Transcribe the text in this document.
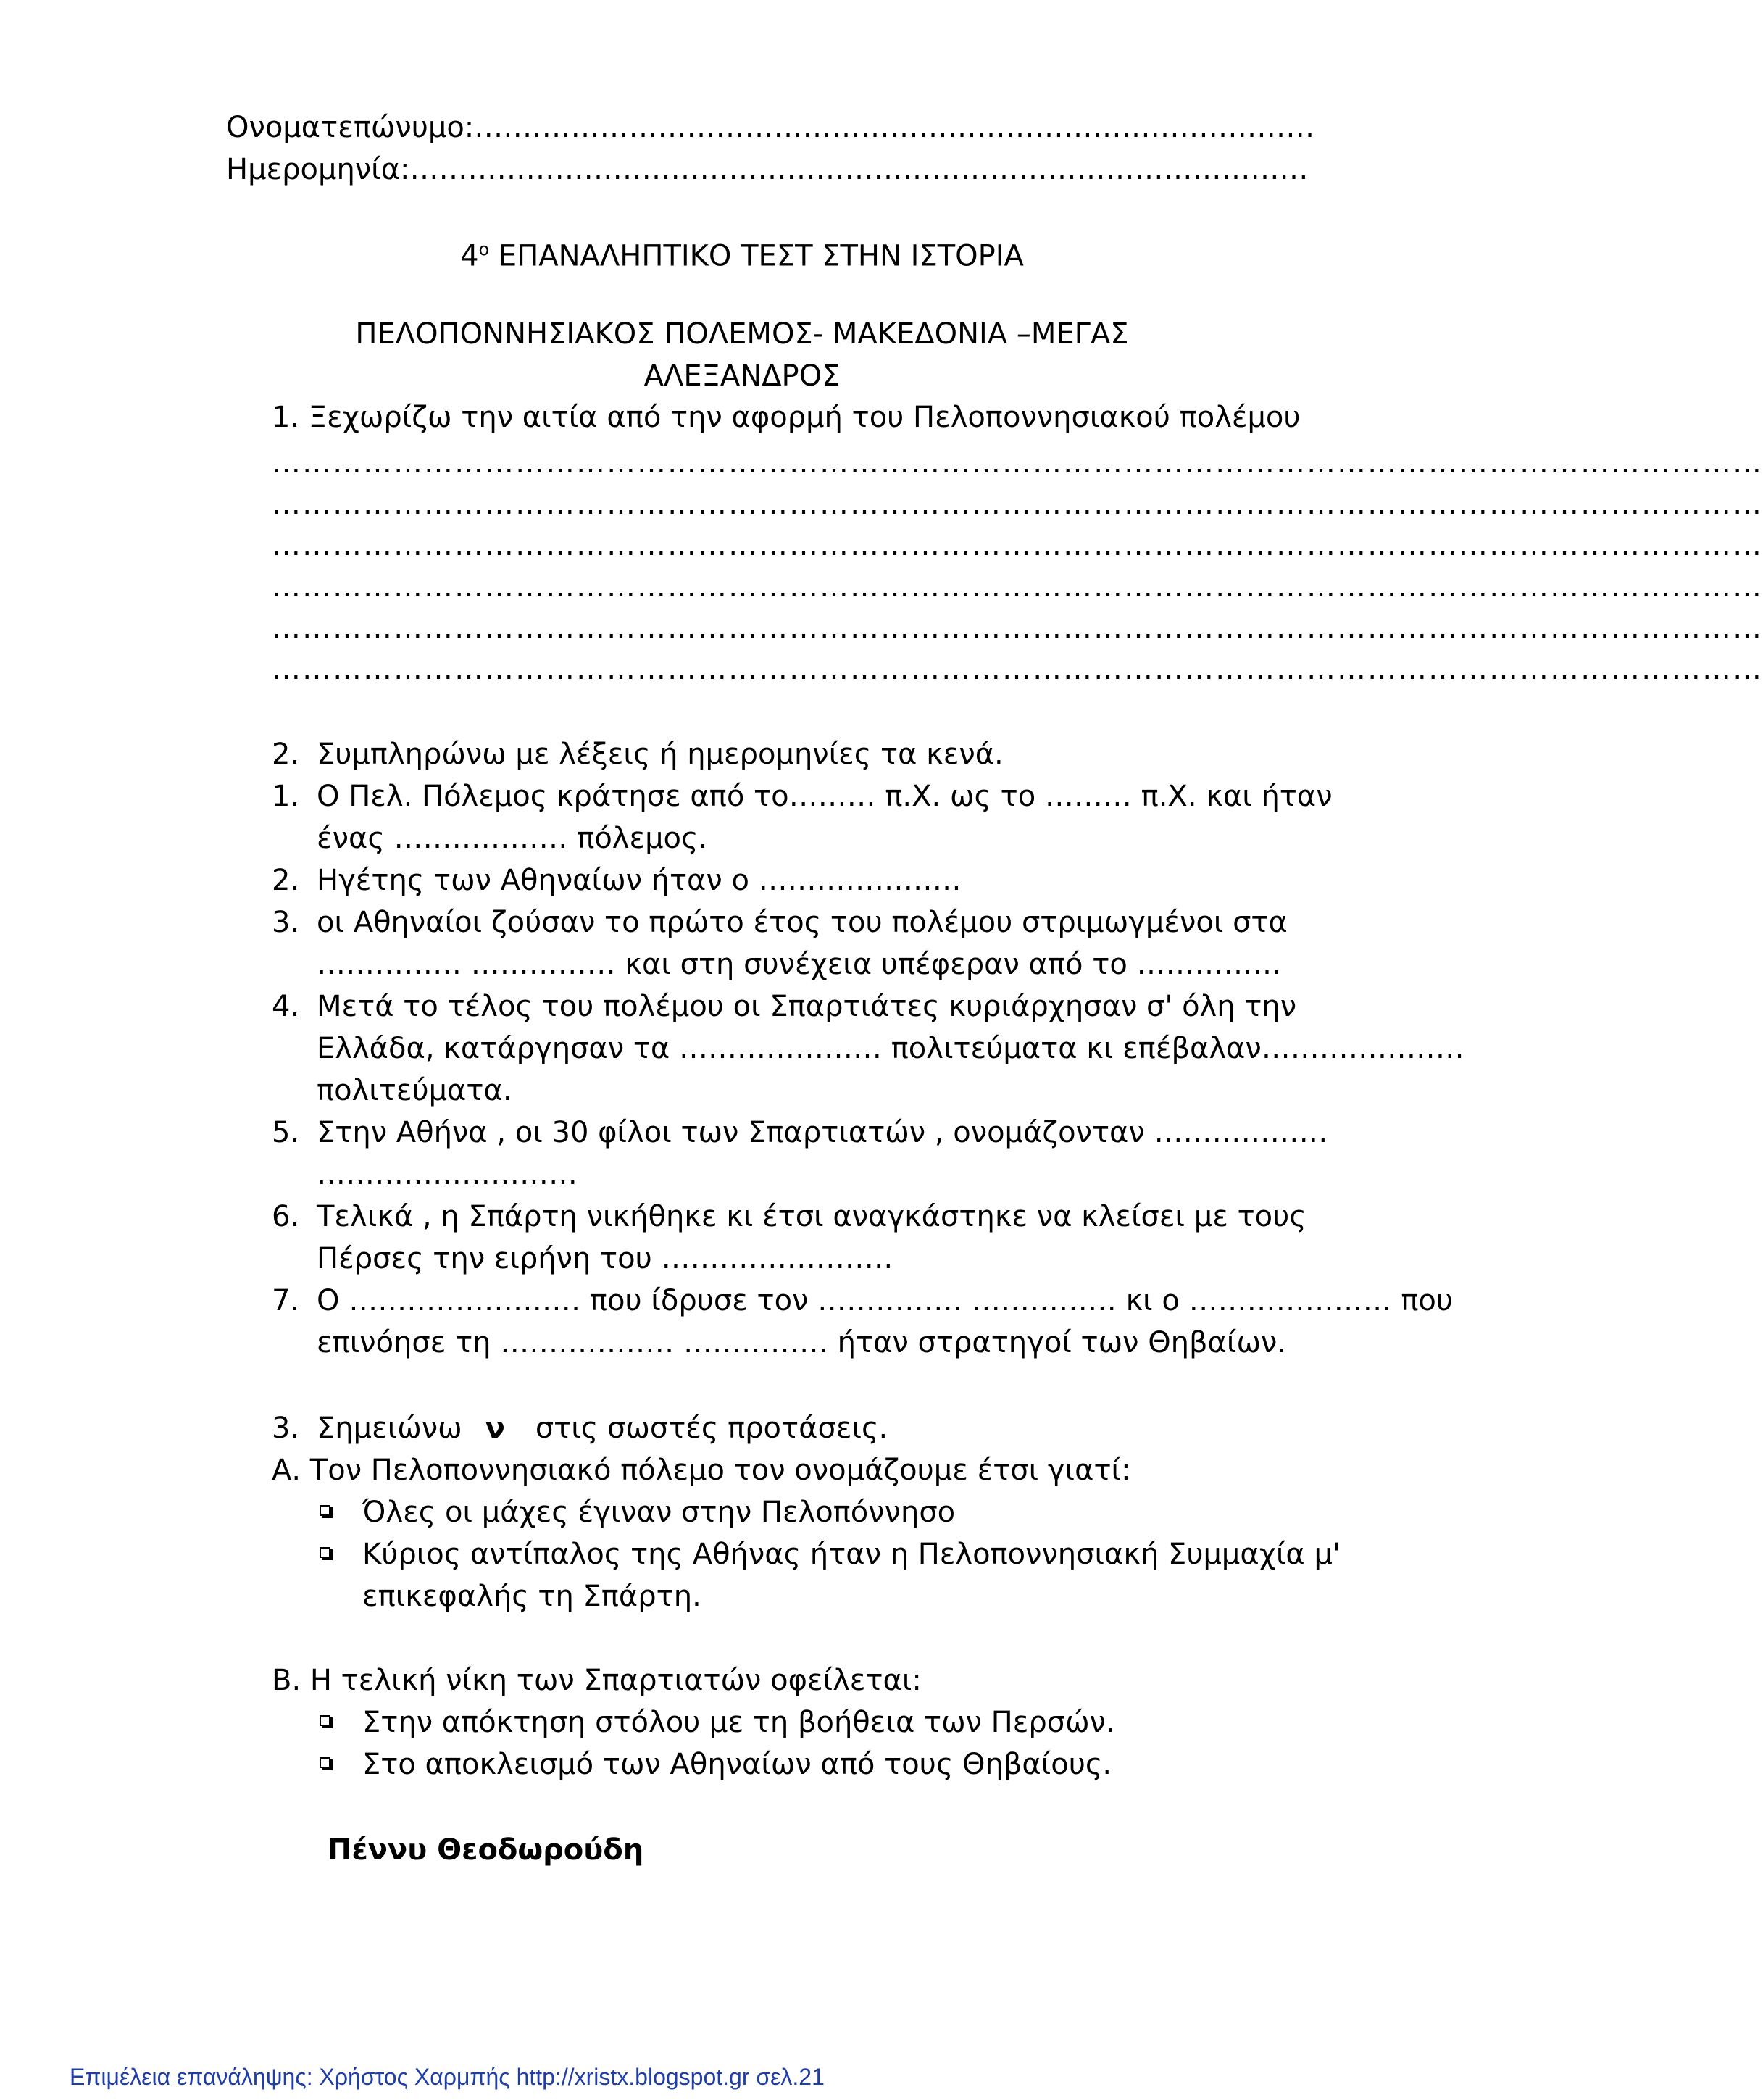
Ονοματεπώνυμο:……………………………………………………………………………
Ημερομηνία:…………………………………………………………………………………
$4^o$ ΕΠΑΝΑΛΗΠΤΙΚΟ ΤΕΣΤ ΣΤΗΝ ΙΣΤΟΡΙΑ
ΠΕΛΟΠΟΝΝΗΣΙΑΚΟΣ ΠΟΛΕΜΟΣ- ΜΑΚΕΔΟΝΙΑ –ΜΕΓΑΣ
ΑΛΕΞΑΝΔΡΟΣ
1. Ξεχωρίζω την αιτία από την αφορμή του Πελοποννησιακού πολέμου
…………………………………………………………………………………………………………………………………
…………………………………………………………………………………………………………………………………
…………………………………………………………………………………………………………………………………
…………………………………………………………………………………………………………………………………
…………………………………………………………………………………………………………………………………
…………………………………………………………………………………………………………………………………
2. Συμπληρώνω με λέξεις ή ημερομηνίες τα κενά.
1. Ο Πελ. Πόλεμος κράτησε από το……… π.Χ. ως το ……… π.Χ. και ήταν
ένας ……………… πόλεμος.
2. Ηγέτης των Αθηναίων ήταν ο …………………
3. οι Αθηναίοι ζούσαν το πρώτο έτος του πολέμου στριμωγμένοι στα
…………… …………… και στη συνέχεια υπέφεραν από το ……………
4. Μετά το τέλος του πολέμου οι Σπαρτιάτες κυριάρχησαν σ' όλη την
Ελλάδα, κατάργησαν τα ………………… πολιτεύματα κι επέβαλαν…………………
πολιτεύματα.
5. Στην Αθήνα , οι 30 φίλοι των Σπαρτιατών , ονομάζονταν ………………
………………………
6. Τελικά , η Σπάρτη νικήθηκε κι έτσι αναγκάστηκε να κλείσει με τους
Πέρσες την ειρήνη του ……………………
7. Ο …………………… που ίδρυσε τον …………… …………… κι ο ………………… που
επινόησε τη ……………… …………… ήταν στρατηγοί των Θηβαίων.
3. Σημειώνω ν στις σωστές προτάσεις.
Α. Τον Πελοποννησιακό πόλεμο τον ονομάζουμε έτσι γιατί:
Όλες οι μάχες έγιναν στην Πελοπόννησο
Κύριος αντίπαλος της Αθήνας ήταν η Πελοποννησιακή Συμμαχία μ'
επικεφαλής τη Σπάρτη.
Β. Η τελική νίκη των Σπαρτιατών οφείλεται:
Στην απόκτηση στόλου με τη βοήθεια των Περσών.
Στο αποκλεισμό των Αθηναίων από τους Θηβαίους.
Πέννυ Θεοδωρούδη
Επιμέλεια επανάληψης: Χρήστος Χαρμπής http://xristx.blogspot.gr σελ.21
